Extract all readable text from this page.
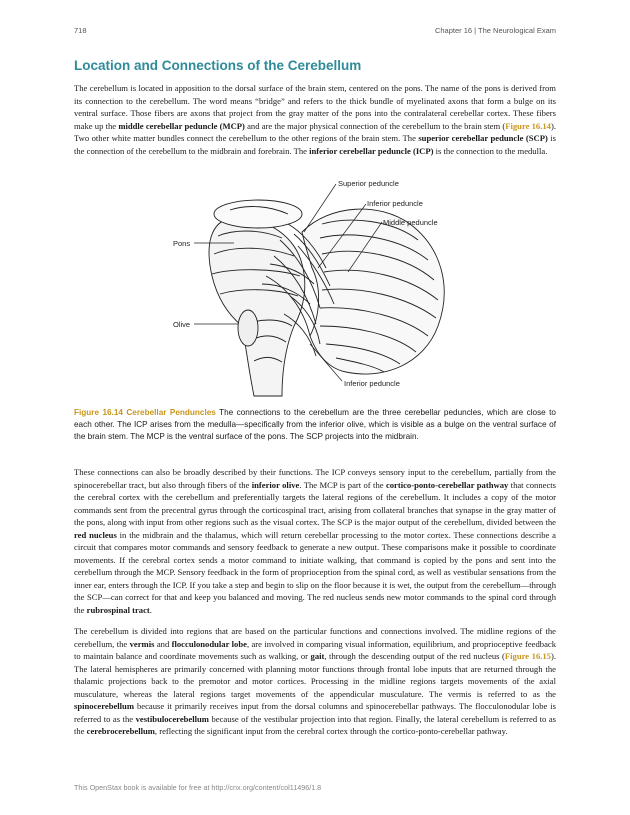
718	Chapter 16 | The Neurological Exam
Location and Connections of the Cerebellum

The cerebellum is located in apposition to the dorsal surface of the brain stem, centered on the pons. The name of the pons is derived from its connection to the cerebellum. The word means “bridge” and refers to the thick bundle of myelinated axons that form a bulge on its ventral surface. Those fibers are axons that project from the gray matter of the pons into the contralateral cerebellar cortex. These fibers make up the middle cerebellar peduncle (MCP) and are the major physical connection of the cerebellum to the brain stem (Figure 16.14). Two other white matter bundles connect the cerebellum to the other regions of the brain stem. The superior cerebellar peduncle (SCP) is the connection of the cerebellum to the midbrain and forebrain. The inferior cerebellar peduncle (ICP) is the connection to the medulla.

Superior peduncle
Inferior peduncle
Middle peduncle
Pons
Olive
Inferior peduncle

Figure 16.14 Cerebellar Penduncles The connections to the cerebellum are the three cerebellar peduncles, which are close to each other. The ICP arises from the medulla—specifically from the inferior olive, which is visible as a bulge on the ventral surface of the brain stem. The MCP is the ventral surface of the pons. The SCP projects into the midbrain.

These connections can also be broadly described by their functions. The ICP conveys sensory input to the cerebellum, partially from the spinocerebellar tract, but also through fibers of the inferior olive. The MCP is part of the cortico-ponto-cerebellar pathway that connects the cerebral cortex with the cerebellum and preferentially targets the lateral regions of the cerebellum. It includes a copy of the motor commands sent from the precentral gyrus through the corticospinal tract, arising from collateral branches that synapse in the gray matter of the pons, along with input from other regions such as the visual cortex. The SCP is the major output of the cerebellum, divided between the red nucleus in the midbrain and the thalamus, which will return cerebellar processing to the motor cortex. These connections describe a circuit that compares motor commands and sensory feedback to generate a new output. These comparisons make it possible to coordinate movements. If the cerebral cortex sends a motor command to initiate walking, that command is copied by the pons and sent into the cerebellum through the MCP. Sensory feedback in the form of proprioception from the spinal cord, as well as vestibular sensations from the inner ear, enters through the ICP. If you take a step and begin to slip on the floor because it is wet, the output from the cerebellum—through the SCP—can correct for that and keep you balanced and moving. The red nucleus sends new motor commands to the spinal cord through the rubrospinal tract.

The cerebellum is divided into regions that are based on the particular functions and connections involved. The midline regions of the cerebellum, the vermis and flocculonodular lobe, are involved in comparing visual information, equilibrium, and proprioceptive feedback to maintain balance and coordinate movements such as walking, or gait, through the descending output of the red nucleus (Figure 16.15). The lateral hemispheres are primarily concerned with planning motor functions through frontal lobe inputs that are returned through the thalamic projections back to the premotor and motor cortices. Processing in the midline regions targets movements of the axial musculature, whereas the lateral regions target movements of the appendicular musculature. The vermis is referred to as the spinocerebellum because it primarily receives input from the dorsal columns and spinocerebellar pathways. The flocculonodular lobe is referred to as the vestibulocerebellum because of the vestibular projection into that region. Finally, the lateral cerebellum is referred to as the cerebrocerebellum, reflecting the significant input from the cerebral cortex through the cortico-ponto-cerebellar pathway.

This OpenStax book is available for free at http://cnx.org/content/col11496/1.8
